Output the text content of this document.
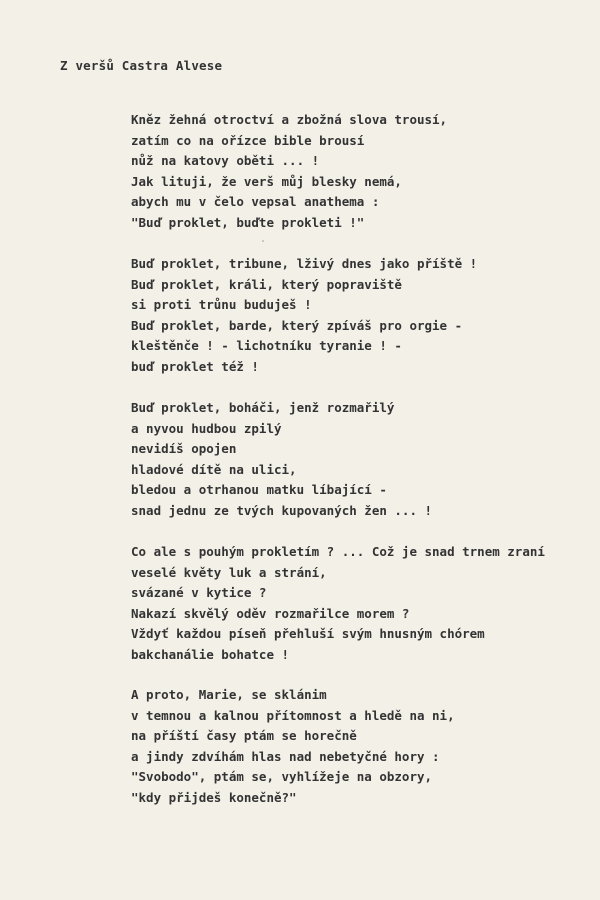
Z veršů Castra Alvese
Kněz žehná otroctví a zbožná slova trousí,
zatím co na ořízce bible brousí
nůž na katovy oběti ... !
Jak lituji, že verš můj blesky nemá,
abych mu v čelo vepsal anathema :
"Buď proklet, buďte prokleti !"
Buď proklet, tribune, lživý dnes jako příště !
Buď proklet, králi, který popraviště
si proti trůnu buduješ !
Buď proklet, barde, který zpíváš pro orgie -
kleštěnče ! - lichotníku tyranie ! -
buď proklet též !
Buď proklet, boháči, jenž rozmařilý
a nyvou hudbou zpilý
nevidíš opojen
hladové dítě na ulici,
bledou a otrhanou matku líbající -
snad jednu ze tvých kupovaných žen ... !
Co ale s pouhým prokletím ? ... Což je snad trnem zraní
veselé květy luk a strání,
svázané v kytice ?
Nakazí skvělý oděv rozmařilce morem ?
Vždyť každou píseň přehluší svým hnusným chórem
bakchanálie bohatce !
A proto, Marie, se sklánim
v temnou a kalnou přítomnost a hledě na ni,
na příští časy ptám se horečně
a jindy zdvíhám hlas nad nebetyčné hory :
"Svobodo", ptám se, vyhlížeje na obzory,
"kdy přijdeš konečně?"
